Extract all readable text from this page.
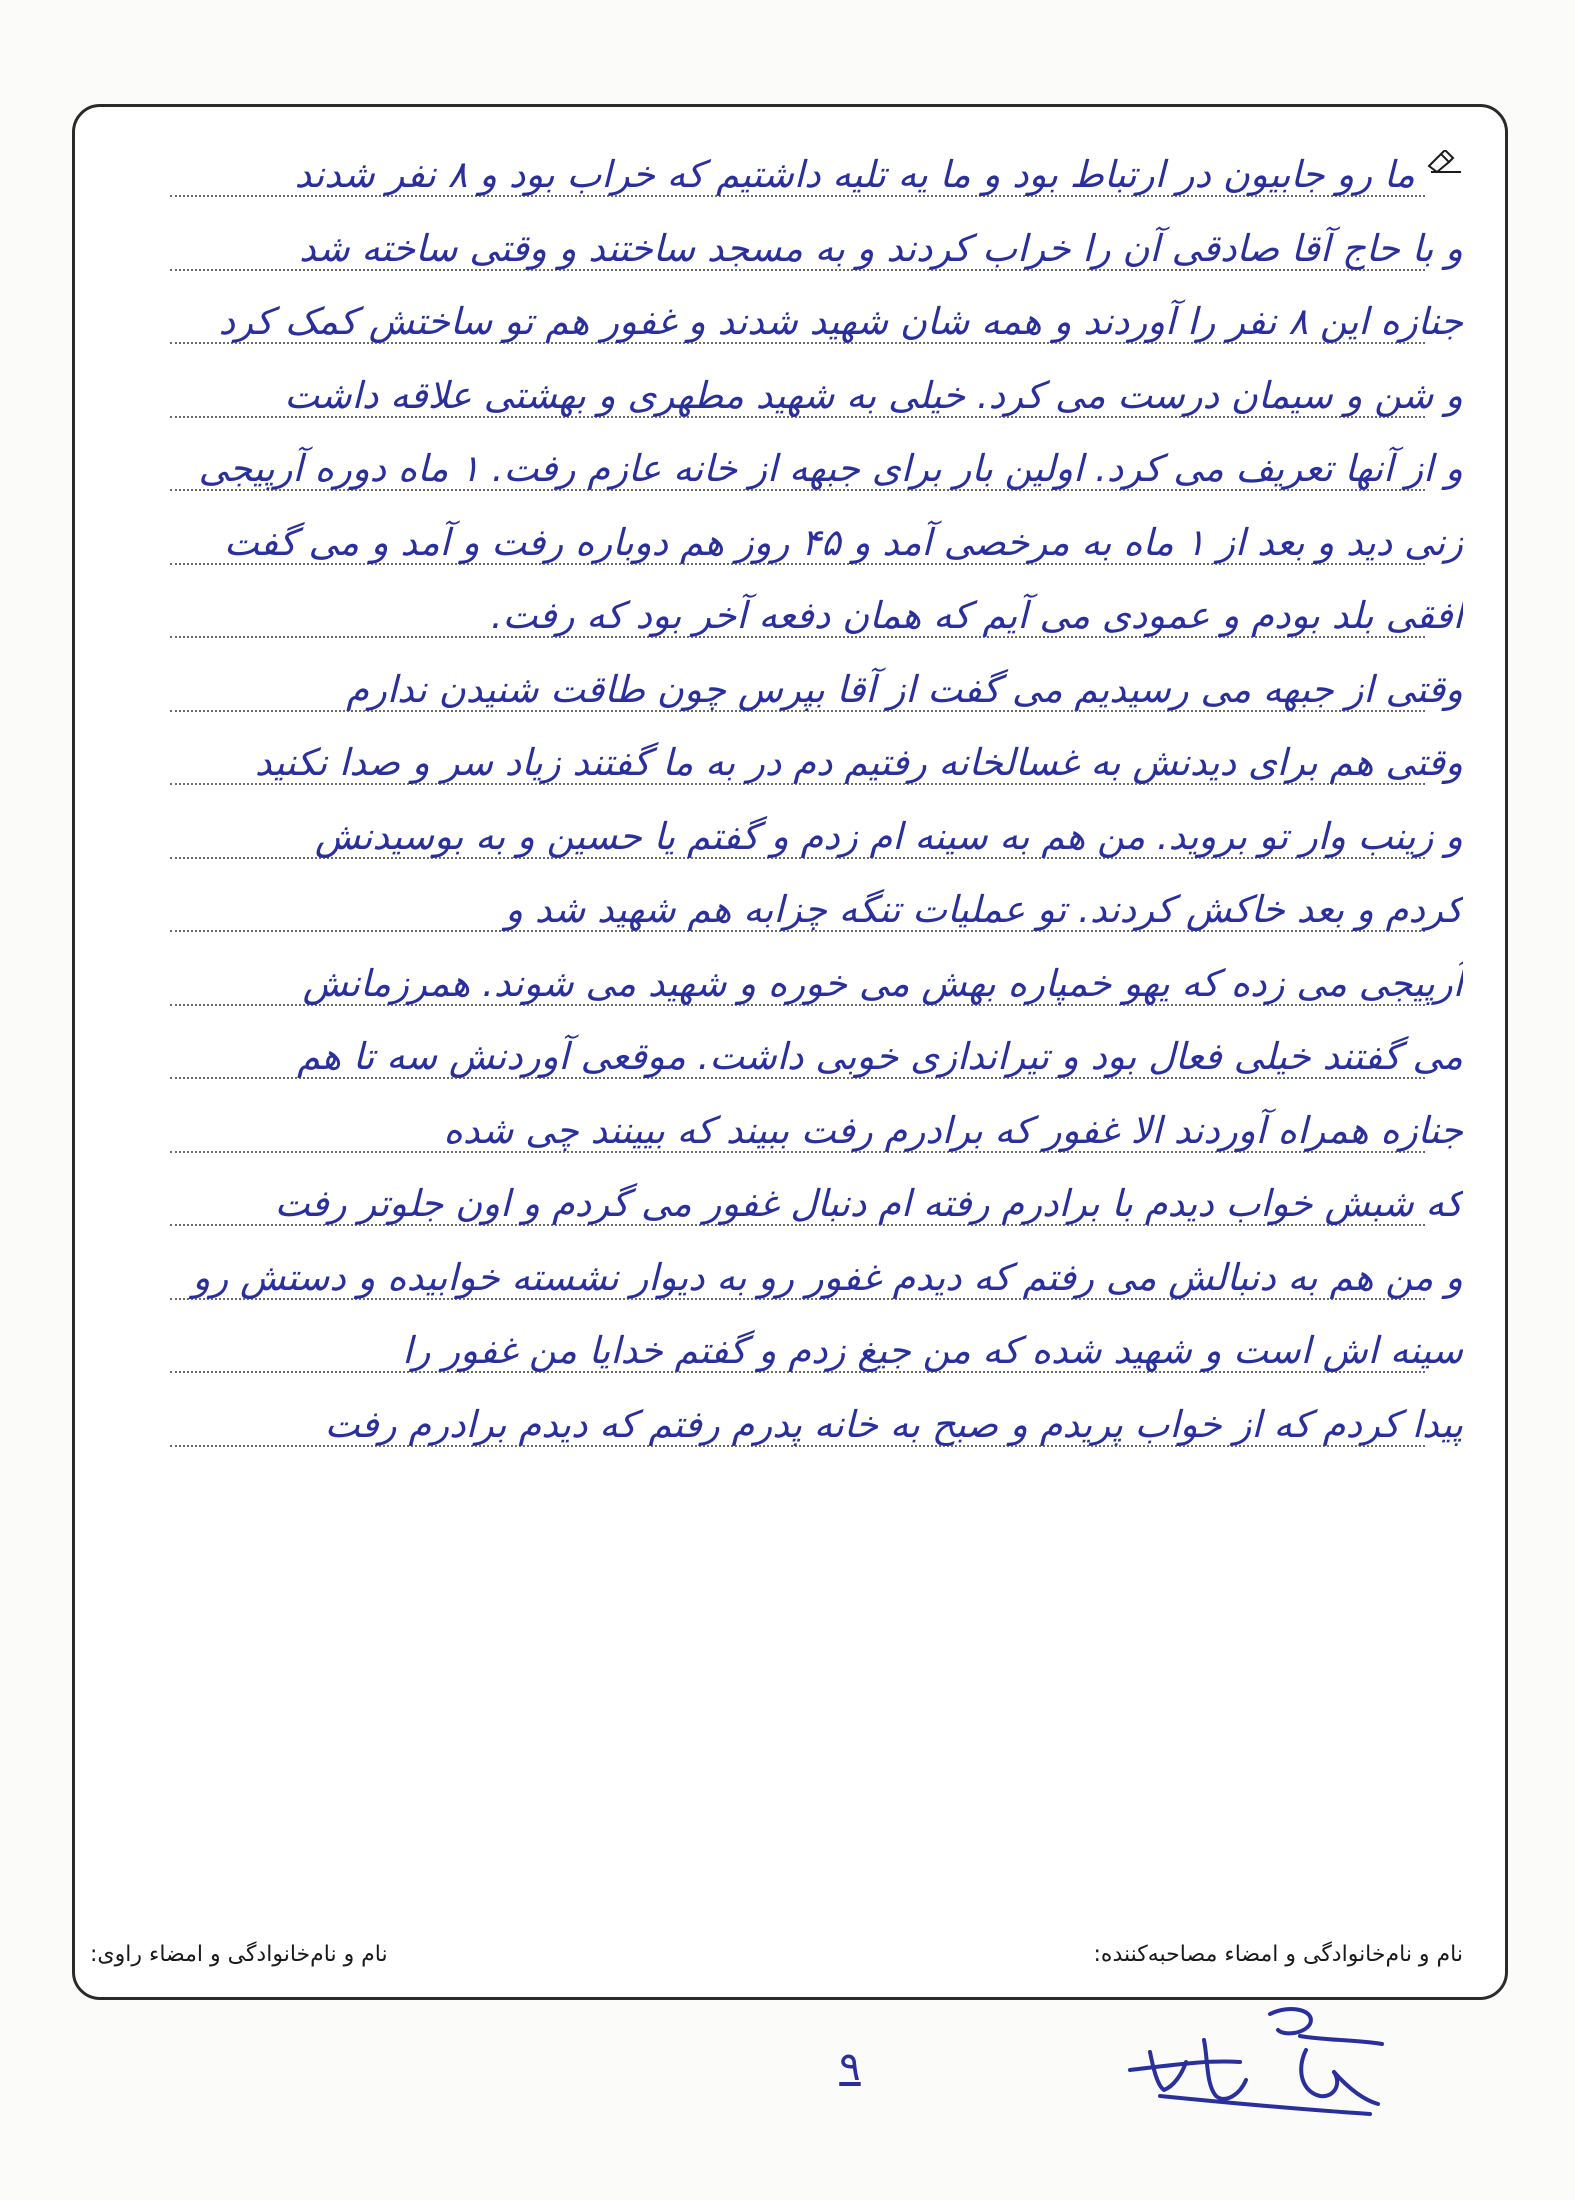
ما رو جابیون در ارتباط بود و ما یه تلیه داشتیم که خراب بود و ۸ نفر شدند
و با حاج آقا صادقی آن را خراب کردند و به مسجد ساختند و وقتی ساخته شد
جنازه این ۸ نفر را آوردند و همه شان شهید شدند و غفور هم تو ساختش کمک کرد
و شن و سیمان درست می کرد. خیلی به شهید مطهری و بهشتی علاقه داشت
و از آنها تعریف می کرد. اولین بار برای جبهه از خانه عازم رفت. ۱ ماه دوره آرپیجی
زنی دید و بعد از ۱ ماه به مرخصی آمد و ۴۵ روز هم دوباره رفت و آمد و می گفت
افقی بلد بودم و عمودی می آیم که همان دفعه آخر بود که رفت.
وقتی از جبهه می رسیدیم می گفت از آقا بپرس چون طاقت شنیدن ندارم
وقتی هم برای دیدنش به غسالخانه رفتیم دم در به ما گفتند زیاد سر و صدا نکنید
و زینب وار تو بروید. من هم به سینه ام زدم و گفتم یا حسین و به بوسیدنش
کردم و بعد خاکش کردند. تو عملیات تنگه چزابه هم شهید شد و
آرپیجی می زده که یهو خمپاره بهش می خوره و شهید می شوند. همرزمانش
می گفتند خیلی فعال بود و تیراندازی خوبی داشت. موقعی آوردنش سه تا هم
جنازه همراه آوردند الا غفور که برادرم رفت ببیند که بیینند چی شده
که شبش خواب دیدم با برادرم رفته ام دنبال غفور می گردم و اون جلوتر رفت
و من هم به دنبالش می رفتم که دیدم غفور رو به دیوار نشسته خوابیده و دستش رو
سینه اش است و شهید شده که من جیغ زدم و گفتم خدایا من غفور را
پیدا کردم که از خواب پریدم و صبح به خانه پدرم رفتم که دیدم برادرم رفت
نام و نام‌خانوادگی و امضاء مصاحبه‌کننده:
نام و نام‌خانوادگی و امضاء راوی:
۹
